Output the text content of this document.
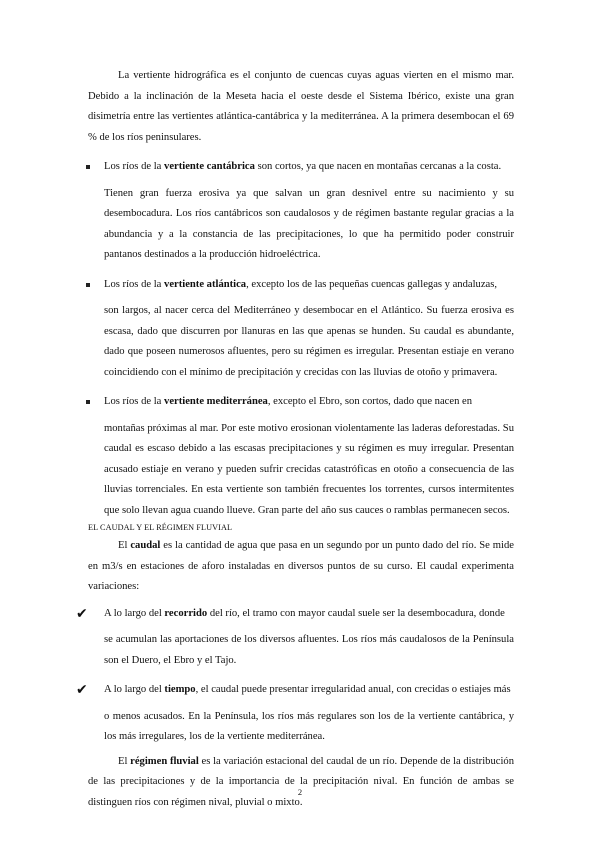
La vertiente hidrográfica es el conjunto de cuencas cuyas aguas vierten en el mismo mar. Debido a la inclinación de la Meseta hacia el oeste desde el Sistema Ibérico, existe una gran disimetría entre las vertientes atlántica-cantábrica y la mediterránea. A la primera desembocan el 69 % de los ríos peninsulares.

Los ríos de la vertiente cantábrica son cortos, ya que nacen en montañas cercanas a la costa.

Tienen gran fuerza erosiva ya que salvan un gran desnivel entre su nacimiento y su desembocadura. Los ríos cantábricos son caudalosos y de régimen bastante regular gracias a la abundancia y a la constancia de las precipitaciones, lo que ha permitido poder construir pantanos destinados a la producción hidroeléctrica.

Los ríos de la vertiente atlántica, excepto los de las pequeñas cuencas gallegas y andaluzas,

son largos, al nacer cerca del Mediterráneo y desembocar en el Atlántico. Su fuerza erosiva es escasa, dado que discurren por llanuras en las que apenas se hunden. Su caudal es abundante, dado que poseen numerosos afluentes, pero su régimen es irregular. Presentan estiaje en verano coincidiendo con el mínimo de precipitación y crecidas con las lluvias de otoño y primavera.

Los ríos de la vertiente mediterránea, excepto el Ebro, son cortos, dado que nacen en

montañas próximas al mar. Por este motivo erosionan violentamente las laderas deforestadas. Su caudal es escaso debido a las escasas precipitaciones y su régimen es muy irregular. Presentan acusado estiaje en verano y pueden sufrir crecidas catastróficas en otoño a consecuencia de las lluvias torrenciales. En esta vertiente son también frecuentes los torrentes, cursos intermitentes que solo llevan agua cuando llueve. Gran parte del año sus cauces o ramblas permanecen secos.

EL CAUDAL Y EL RÉGIMEN FLUVIAL

El caudal es la cantidad de agua que pasa en un segundo por un punto dado del río. Se mide en m3/s en estaciones de aforo instaladas en diversos puntos de su curso. El caudal experimenta variaciones:

✔ A lo largo del recorrido del río, el tramo con mayor caudal suele ser la desembocadura, donde

se acumulan las aportaciones de los diversos afluentes. Los ríos más caudalosos de la Península son el Duero, el Ebro y el Tajo.

✔ A lo largo del tiempo, el caudal puede presentar irregularidad anual, con crecidas o estiajes más

o menos acusados. En la Península, los ríos más regulares son los de la vertiente cantábrica, y los más irregulares, los de la vertiente mediterránea.

El régimen fluvial es la variación estacional del caudal de un río. Depende de la distribución de las precipitaciones y de la importancia de la precipitación nival. En función de ambas se distinguen ríos con régimen nival, pluvial o mixto.

2
